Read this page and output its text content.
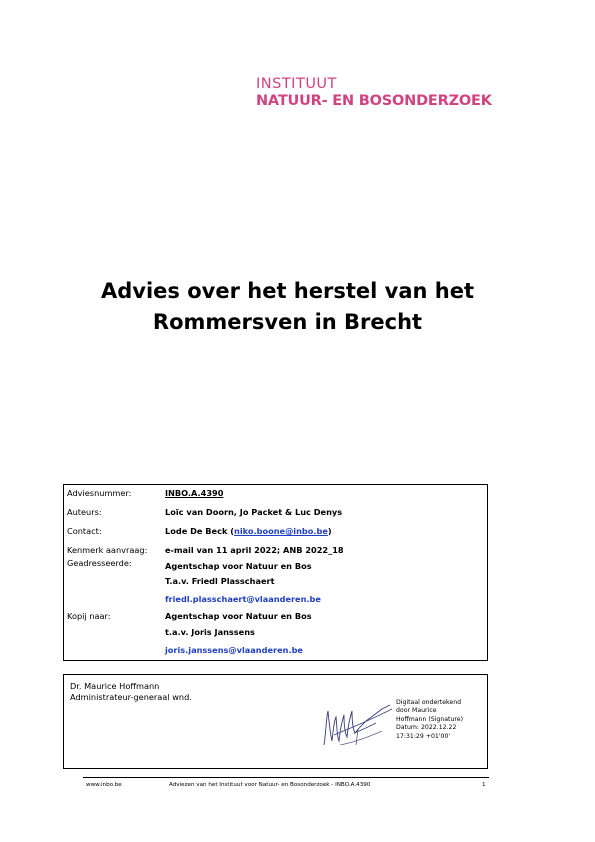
INSTITUUT
NATUUR- EN BOSONDERZOEK
Advies over het herstel van het
Rommersven in Brecht
Adviesnummer:	INBO.A.4390
Auteurs:	Loïc van Doorn, Jo Packet & Luc Denys
Contact:	Lode De Beck (niko.boone@inbo.be)
Kenmerk aanvraag:	e-mail van 11 april 2022; ANB 2022_18
Geadresseerde:	Agentschap voor Natuur en Bos
T.a.v. Friedl Plasschaert
friedl.plasschaert@vlaanderen.be
Kopij naar:	Agentschap voor Natuur en Bos
t.a.v. Joris Janssens
joris.janssens@vlaanderen.be
Dr. Maurice Hoffmann
Administrateur-generaal wnd.
Digitaal ondertekend
door Maurice
Hoffmann (Signature)
Datum: 2022.12.22
17:31:29 +01'00'
www.inbo.be	Adviezen van het Instituut voor Natuur- en Bosonderzoek - INBO.A.4390	1
